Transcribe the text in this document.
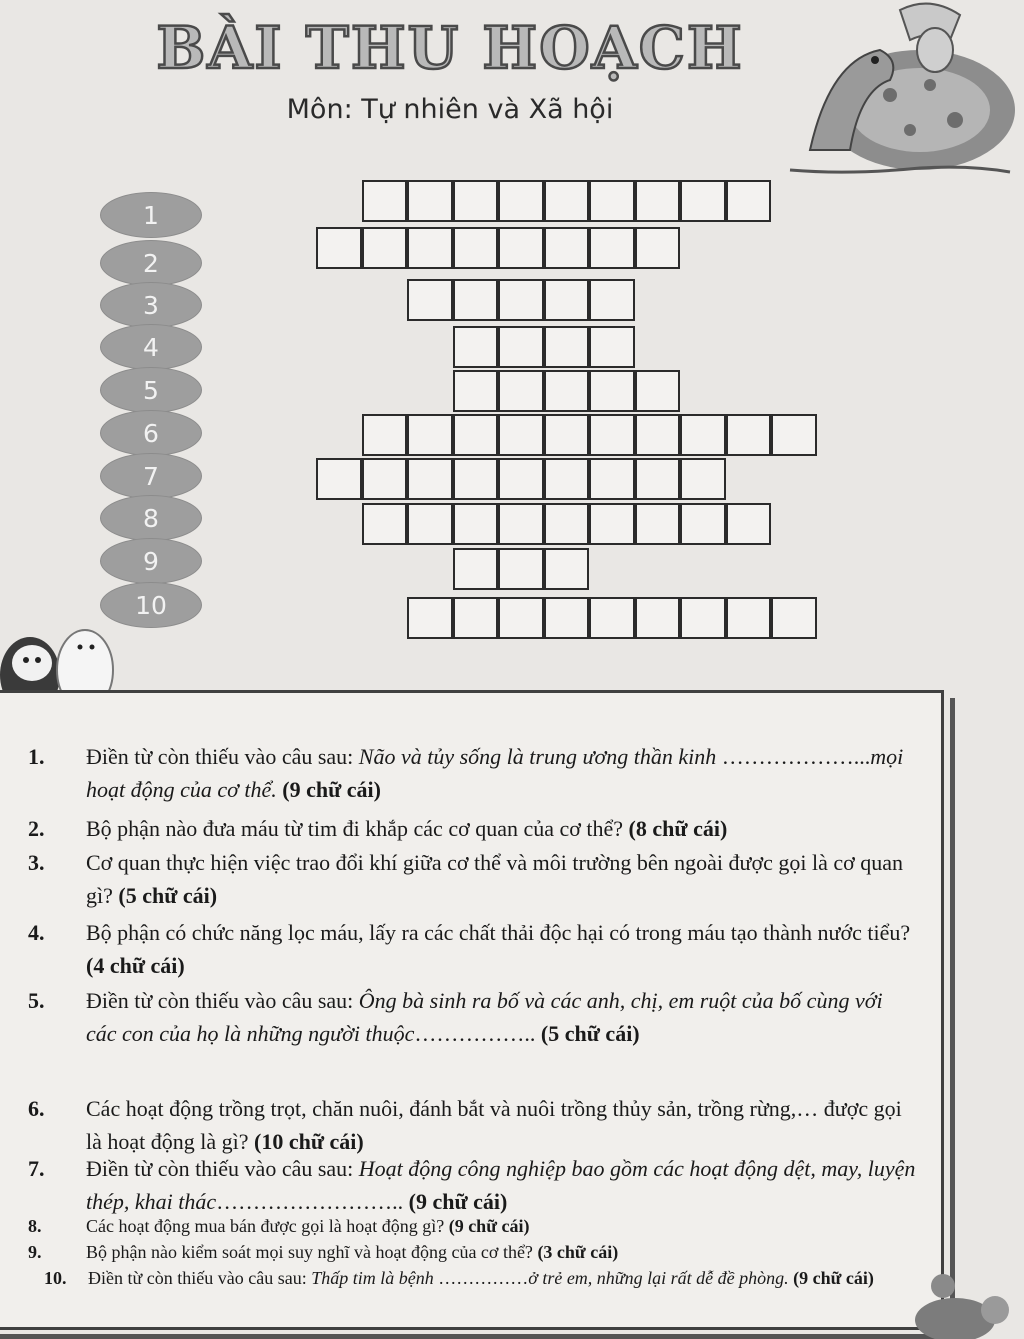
BÀI THU HOẠCH
Môn: Tự nhiên và Xã hội
1
2
3
4
5
6
7
8
9
10
1. Điền từ còn thiếu vào câu sau: Não và tủy sống là trung ương thần kinh ………………...mọi hoạt động của cơ thể. (9 chữ cái)
2. Bộ phận nào đưa máu từ tim đi khắp các cơ quan của cơ thể? (8 chữ cái)
3. Cơ quan thực hiện việc trao đổi khí giữa cơ thể và môi trường bên ngoài được gọi là cơ quan gì? (5 chữ cái)
4. Bộ phận có chức năng lọc máu, lấy ra các chất thải độc hại có trong máu tạo thành nước tiểu? (4 chữ cái)
5. Điền từ còn thiếu vào câu sau: Ông bà sinh ra bố và các anh, chị, em ruột của bố cùng với các con của họ là những người thuộc…………….. (5 chữ cái)
6. Các hoạt động trồng trọt, chăn nuôi, đánh bắt và nuôi trồng thủy sản, trồng rừng,… được gọi là hoạt động là gì? (10 chữ cái)
7. Điền từ còn thiếu vào câu sau: Hoạt động công nghiệp bao gồm các hoạt động dệt, may, luyện thép, khai thác…………………….. (9 chữ cái)
8. Các hoạt động mua bán được gọi là hoạt động gì? (9 chữ cái)
9. Bộ phận nào kiểm soát mọi suy nghĩ và hoạt động của cơ thể? (3 chữ cái)
10. Điền từ còn thiếu vào câu sau: Thấp tim là bệnh ……………ở trẻ em, những lại rất dễ đề phòng. (9 chữ cái)
